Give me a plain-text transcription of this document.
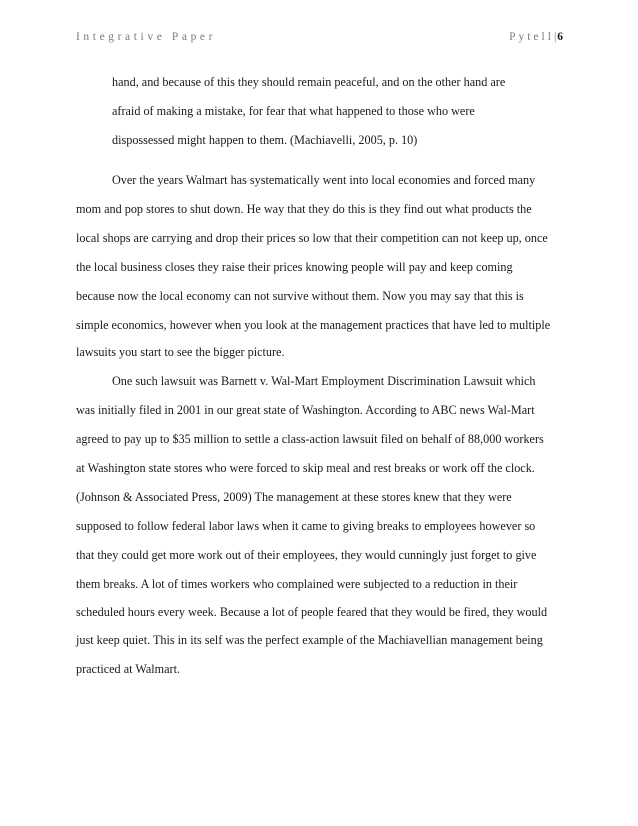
Integrative Paper	Pytell|6
hand, and because of this they should remain peaceful, and on the other hand are
afraid of making a mistake, for fear that what happened to those who were
dispossessed might happen to them. (Machiavelli, 2005, p. 10)
Over the years Walmart has systematically went into local economies and forced many
mom and pop stores to shut down. He way that they do this is they find out what products the
local shops are carrying and drop their prices so low that their competition can not keep up, once
the local business closes they raise their prices knowing people will pay and keep coming
because now the local economy can not survive without them. Now you may say that this is
simple economics, however when you look at the management practices that have led to multiple
lawsuits you start to see the bigger picture.
One such lawsuit was Barnett v. Wal-Mart Employment Discrimination Lawsuit which
was initially filed in 2001 in our great state of Washington. According to ABC news Wal-Mart
agreed to pay up to $35 million to settle a class-action lawsuit filed on behalf of 88,000 workers
at Washington state stores who were forced to skip meal and rest breaks or work off the clock.
(Johnson & Associated Press, 2009) The management at these stores knew that they were
supposed to follow federal labor laws when it came to giving breaks to employees however so
that they could get more work out of their employees, they would cunningly just forget to give
them breaks. A lot of times workers who complained were subjected to a reduction in their
scheduled hours every week. Because a lot of people feared that they would be fired, they would
just keep quiet. This in its self was the perfect example of the Machiavellian management being
practiced at Walmart.
